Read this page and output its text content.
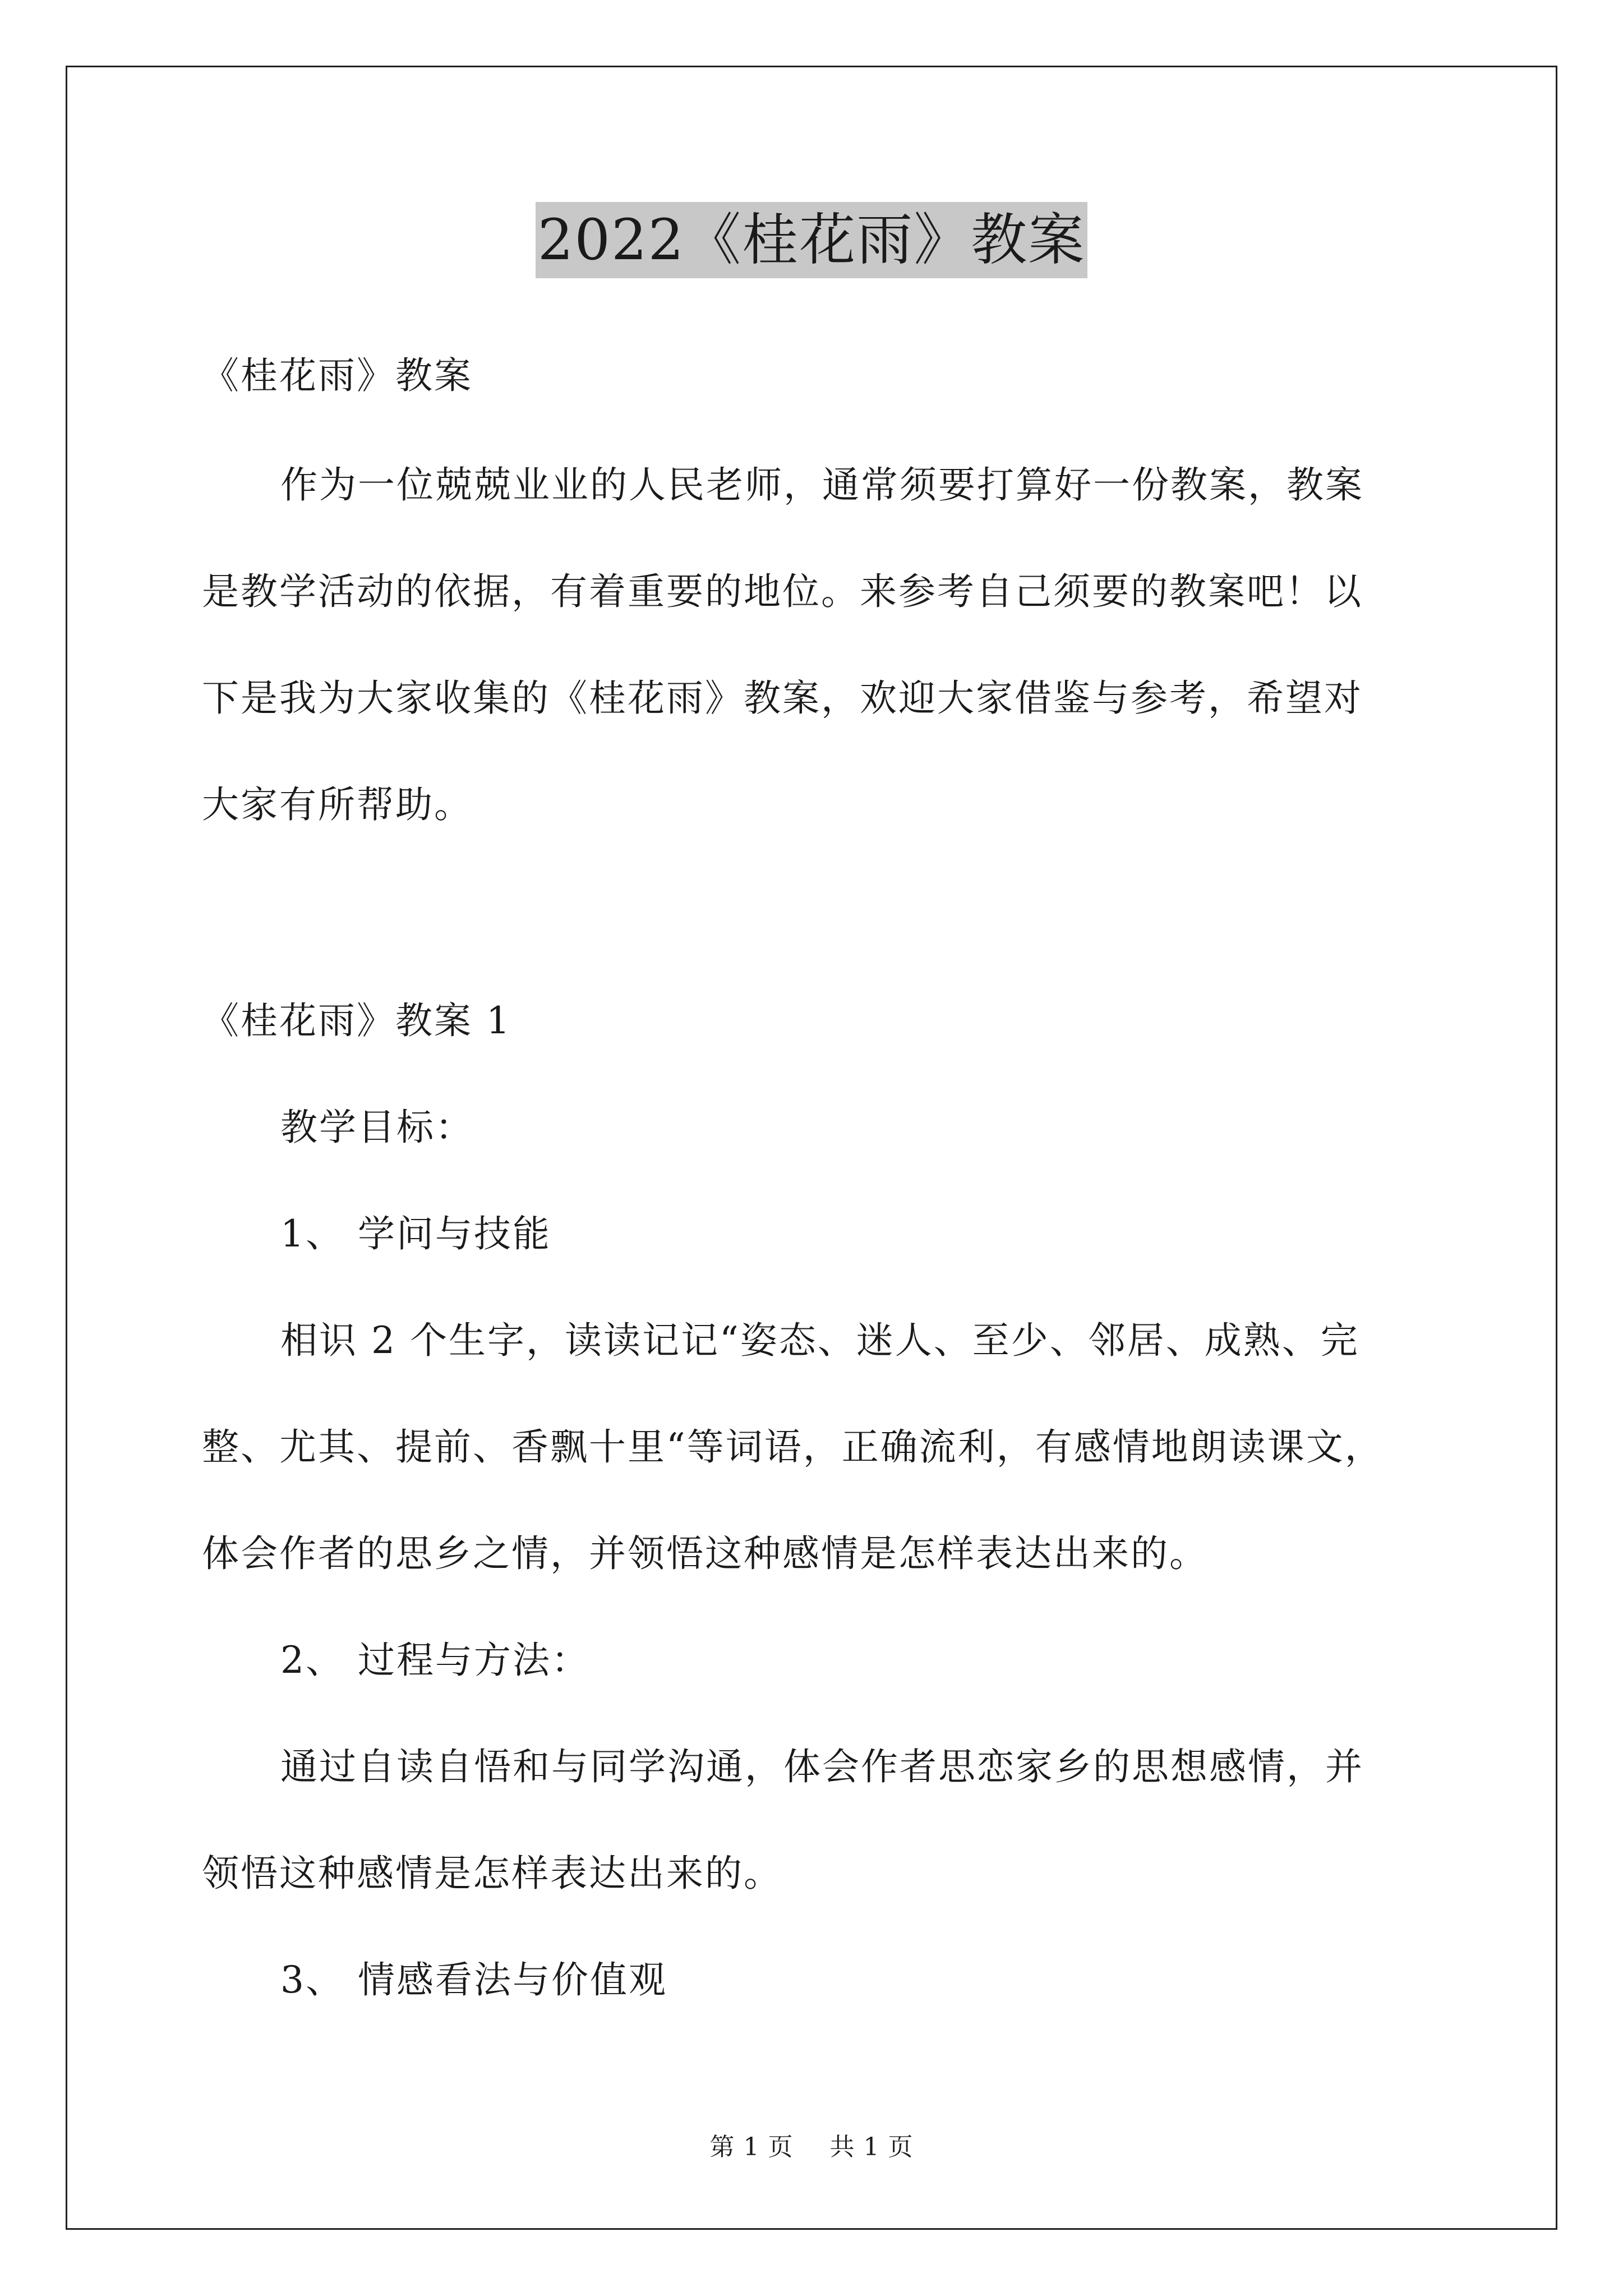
2022《桂花雨》教案
《桂花雨》教案
作为一位兢兢业业的人民老师，通常须要打算好一份教案，教案
是教学活动的依据，有着重要的地位。来参考自己须要的教案吧！以
下是我为大家收集的《桂花雨》教案，欢迎大家借鉴与参考，希望对
大家有所帮助。
《桂花雨》教案 1
教学目标：
1、 学问与技能
相识 2 个生字，读读记记“姿态、迷人、至少、邻居、成熟、完
整、尤其、提前、香飘十里“等词语，正确流利，有感情地朗读课文，
体会作者的思乡之情，并领悟这种感情是怎样表达出来的。
2、 过程与方法：
通过自读自悟和与同学沟通，体会作者思恋家乡的思想感情，并
领悟这种感情是怎样表达出来的。
3、 情感看法与价值观
第 1 页 共 1 页
